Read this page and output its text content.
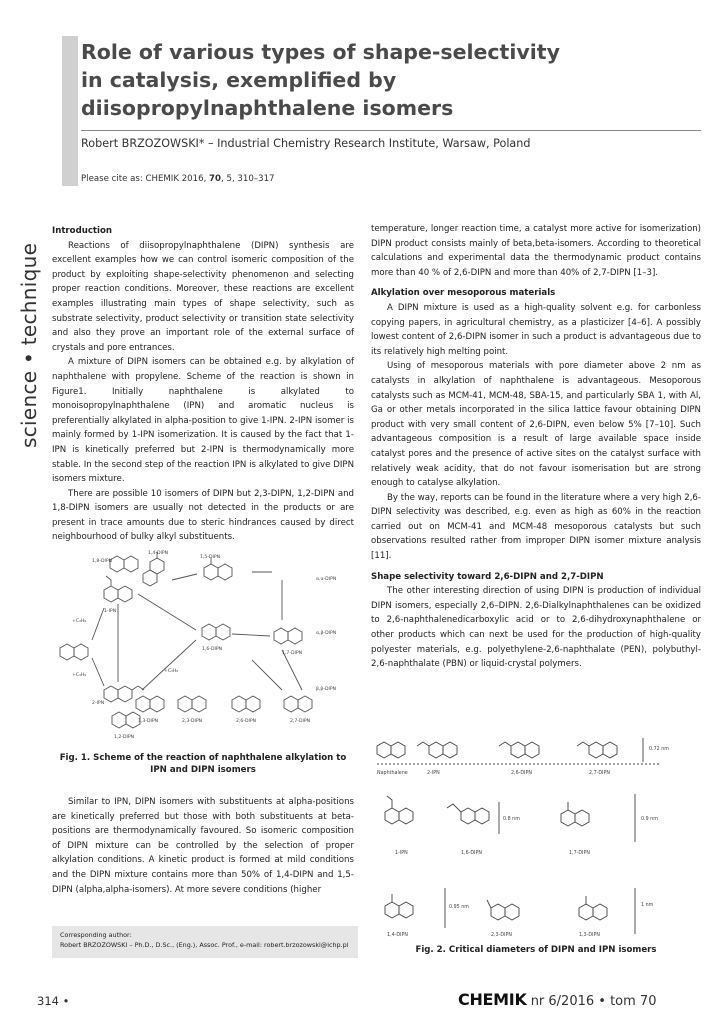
science • technique
Role of various types of shape-selectivity
in catalysis, exemplified by
diisopropylnaphthalene isomers
Robert BRZOZOWSKI* – Industrial Chemistry Research Institute, Warsaw, Poland
Please cite as: CHEMIK 2016, 70, 5, 310–317
Introduction

Reactions of diisopropylnaphthalene (DIPN) synthesis are excellent examples how we can control isomeric composition of the product by exploiting shape-selectivity phenomenon and selecting proper reaction conditions. Moreover, these reactions are excellent examples illustrating main types of shape selectivity, such as substrate selectivity, product selectivity or transition state selectivity and also they prove an important role of the external surface of crystals and pore entrances.

A mixture of DIPN isomers can be obtained e.g. by alkylation of naphthalene with propylene. Scheme of the reaction is shown in Figure1. Initially naphthalene is alkylated to monoisopropylnaphthalene (IPN) and aromatic nucleus is preferentially alkylated in alpha-position to give 1-IPN. 2-IPN isomer is mainly formed by 1-IPN isomerization. It is caused by the fact that 1-IPN is kinetically preferred but 2-IPN is thermodynamically more stable. In the second step of the reaction IPN is alkylated to give DIPN isomers mixture.

There are possible 10 isomers of DIPN but 2,3-DIPN, 1,2-DIPN and 1,8-DIPN isomers are usually not detected in the products or are present in trace amounts due to steric hindrances caused by direct neighbourhood of bulky alkyl substituents.

1,8-DIPN
1,4-DIPN
1,5-DIPN
1-IPN
2-IPN
1,6-DIPN
1,7-DIPN
1,3-DIPN	2,3-DIPN	2,6-DIPN	2,7-DIPN
1,2-DIPN
+C₃H₆
+C₃H₆
+C₃H₆
α,β-DIPN
α,α-DIPN
β,β-DIPN
Fig. 1. Scheme of the reaction of naphthalene alkylation to IPN and DIPN isomers

Similar to IPN, DIPN isomers with substituents at alpha-positions are kinetically preferred but those with both substituents at beta-positions are thermodynamically favoured. So isomeric composition of DIPN mixture can be controlled by the selection of proper alkylation conditions. A kinetic product is formed at mild conditions and the DIPN mixture contains more than 50% of 1,4-DIPN and 1,5-DIPN (alpha,alpha-isomers). At more severe conditions (higher

temperature, longer reaction time, a catalyst more active for isomerization) DIPN product consists mainly of beta,beta-isomers. According to theoretical calculations and experimental data the thermodynamic product contains more than 40 % of 2,6-DIPN and more than 40% of 2,7-DIPN [1–3].

Alkylation over mesoporous materials

A DIPN mixture is used as a high-quality solvent e.g. for carbonless copying papers, in agricultural chemistry, as a plasticizer [4–6]. A possibly lowest content of 2,6-DIPN isomer in such a product is advantageous due to its relatively high melting point.

Using of mesoporous materials with pore diameter above 2 nm as catalysts in alkylation of naphthalene is advantageous. Mesoporous catalysts such as MCM-41, MCM-48, SBA-15, and particularly SBA 1, with Al, Ga or other metals incorporated in the silica lattice favour obtaining DIPN product with very small content of 2,6-DIPN, even below 5% [7–10]. Such advantageous composition is a result of large available space inside catalyst pores and the presence of active sites on the catalyst surface with relatively weak acidity, that do not favour isomerisation but are strong enough to catalyse alkylation.

By the way, reports can be found in the literature where a very high 2,6-DIPN selectivity was described, e.g. even as high as 60% in the reaction carried out on MCM-41 and MCM-48 mesoporous catalysts but such observations resulted rather from improper DIPN isomer mixture analysis [11].

Shape selectivity toward 2,6-DIPN and 2,7-DIPN

The other interesting direction of using DIPN is production of individual DIPN isomers, especially 2,6–DIPN. 2,6-Dialkylnaphthalenes can be oxidized to 2,6-naphthalenedicarboxylic acid or to 2,6-dihydroxynaphthalene or other products which can next be used for the production of high-quality polyester materials, e.g. polyethylene-2,6-naphthalate (PEN), polybuthyl-2,6-naphthalate (PBN) or liquid-crystal polymers.

Naphthalene	2-IPN	2,6-DIPN	2,7-DIPN
0.72 nm
1-IPN	1,6-DIPN	1,7-DIPN
0.8 nm	0.9 nm
1,4-DIPN	2,3-DIPN	1,3-DIPN
0.95 nm	1 nm
Fig. 2. Critical diameters of DIPN and IPN isomers
Corresponding author:
Robert BRZOZOWSKI – Ph.D., D.Sc., (Eng.), Assoc. Prof., e-mail: robert.brzozowski@ichp.pl
314 •	CHEMIK nr 6/2016 • tom 70
